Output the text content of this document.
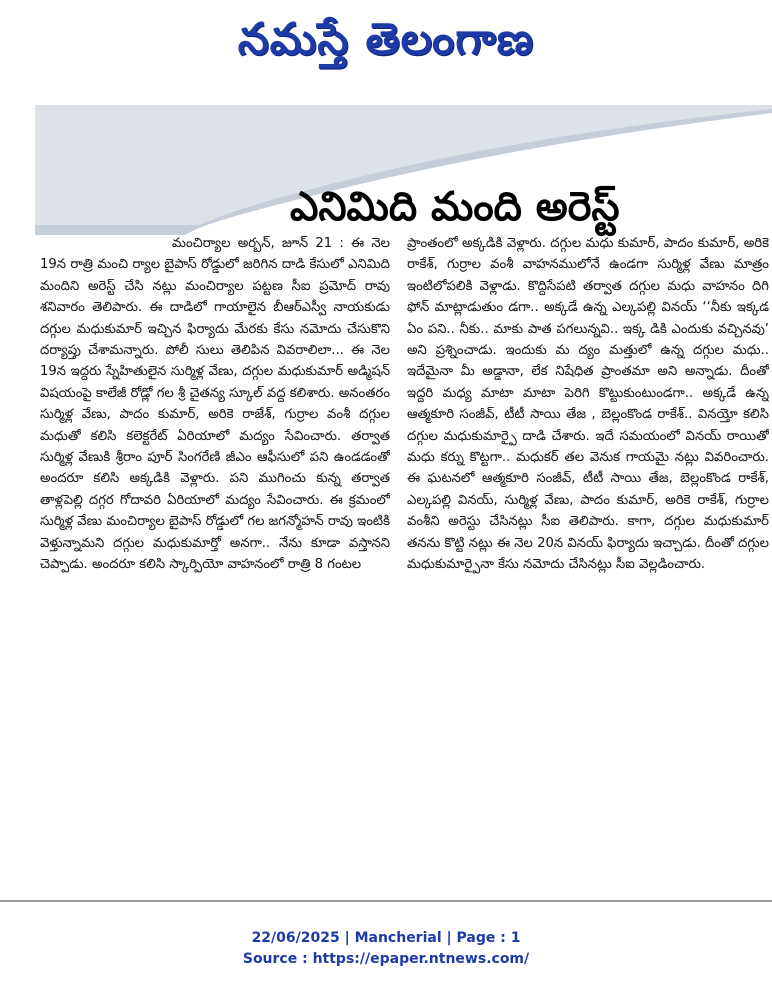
నమస్తే తెలంగాణ
ఎనిమిది మంది అరెస్ట్

మంచిర్యాల అర్బన్, జూన్ 21 : ఈ నెల 19న రాత్రి మంచి ర్యాల బైపాస్ రోడ్డులో జరిగిన దాడి కేసులో ఎనిమిది మందిని అరెస్ట్ చేసి నట్లు మంచిర్యాల పట్టణ సీఐ ప్రమోద్ రావు శనివారం తెలిపారు. ఈ దాడిలో గాయాలైన బీఆర్ఎస్వీ నాయకుడు దగ్గుల మధుకుమార్ ఇచ్చిన ఫిర్యాదు మేరకు కేసు నమోదు చేసుకొని దర్యాప్తు చేశామన్నారు. పోలీ సులు తెలిపిన వివరాలిలా... ఈ నెల 19న ఇద్దరు స్నేహితులైన సుర్మిళ్ల వేణు, దగ్గుల మధుకుమార్ అడ్మిషన్ విషయంపై కాలేజీ రోడ్లో గల శ్రీ చైతన్య స్కూల్ వద్ద కలిశారు. అనంతరం సుర్మిళ్ల వేణు, పాదం కుమార్, అరికె రాజేశ్, గుర్రాల వంశీ దగ్గుల మధుతో కలిసి కలెక్టరేట్ ఏరియాలో మద్యం సేవించారు. తర్వాత సుర్మిళ్ల వేణుకి శ్రీరాం పూర్ సింగరేణి జీఎం ఆఫీసులో పని ఉండడంతో అందరూ కలిసి అక్కడికి వెళ్లారు. పని ముగించు కున్న తర్వాత తాళ్లపెల్లి దగ్గర గోదావరి ఏరియాలో మద్యం సేవించారు. ఈ క్రమంలో సుర్మిళ్ల వేణు మంచిర్యాల బైపాస్ రోడ్డులో గల జగన్మోహన్ రావు ఇంటికి వెళ్తున్నామని దగ్గుల మధుకుమార్తో అనగా.. నేను కూడా వస్తానని చెప్పాడు. అందరూ కలిసి స్కార్పియో వాహనంలో రాత్రి 8 గంటల

ప్రాంతంలో అక్కడికి వెళ్లారు. దగ్గుల మధు కుమార్, పాదం కుమార్, అరికె రాకేశ్, గుర్రాల వంశీ వాహనములోనే ఉండగా సుర్మిళ్ల వేణు మాత్రం ఇంటిలోపలికి వెళ్లాడు. కొద్దిసేపటి తర్వాత దగ్గుల మధు వాహనం దిగి ఫోన్ మాట్లాడుతుం డగా.. అక్కడే ఉన్న ఎల్కపల్లి వినయ్ ‘‘నీకు ఇక్కడ ఏం పని.. నీకు.. మాకు పాత పగలున్నవి.. ఇక్క డికి ఎందుకు వచ్చినవు’ అని ప్రశ్నించాడు. ఇందుకు మ ద్యం మత్తులో ఉన్న దగ్గుల మధు.. ఇదేమైనా మీ అడ్డానా, లేక నిషేధిత ప్రాంతమా అని అన్నాడు. దీంతో ఇద్దరి మధ్య మాటా మాటా పెరిగి కొట్టుకుంటుండగా.. అక్కడే ఉన్న ఆత్మకూరి సంజీవ్, టీటీ సాయి తేజ , బెల్లంకొండ రాకేశ్.. వినయ్తో కలిసి దగ్గుల మధుకుమార్పై దాడి చేశారు. ఇదే సమయంలో వినయ్ రాయితో మధు కర్ను కొట్టగా.. మధుకర్ తల వెనుక గాయమై నట్లు వివరించారు. ఈ ఘటనలో ఆత్మకూరి సంజీవ్, టీటీ సాయి తేజ, బెల్లంకొండ రాకేశ్, ఎల్కపల్లి వినయ్, సుర్మిళ్ల వేణు, పాదం కుమార్, అరికె రాకేశ్, గుర్రాల వంశీని అరెస్టు చేసినట్లు సీఐ తెలిపారు. కాగా, దగ్గుల మధుకుమార్ తనను కొట్టి నట్లు ఈ నెల 20న వినయ్ ఫిర్యాదు ఇచ్చాడు. దీంతో దగ్గుల మధుకుమార్పైనా కేసు నమోదు చేసినట్లు సీఐ వెల్లడించారు.

22/06/2025 | Mancherial | Page : 1
Source : https://epaper.ntnews.com/
